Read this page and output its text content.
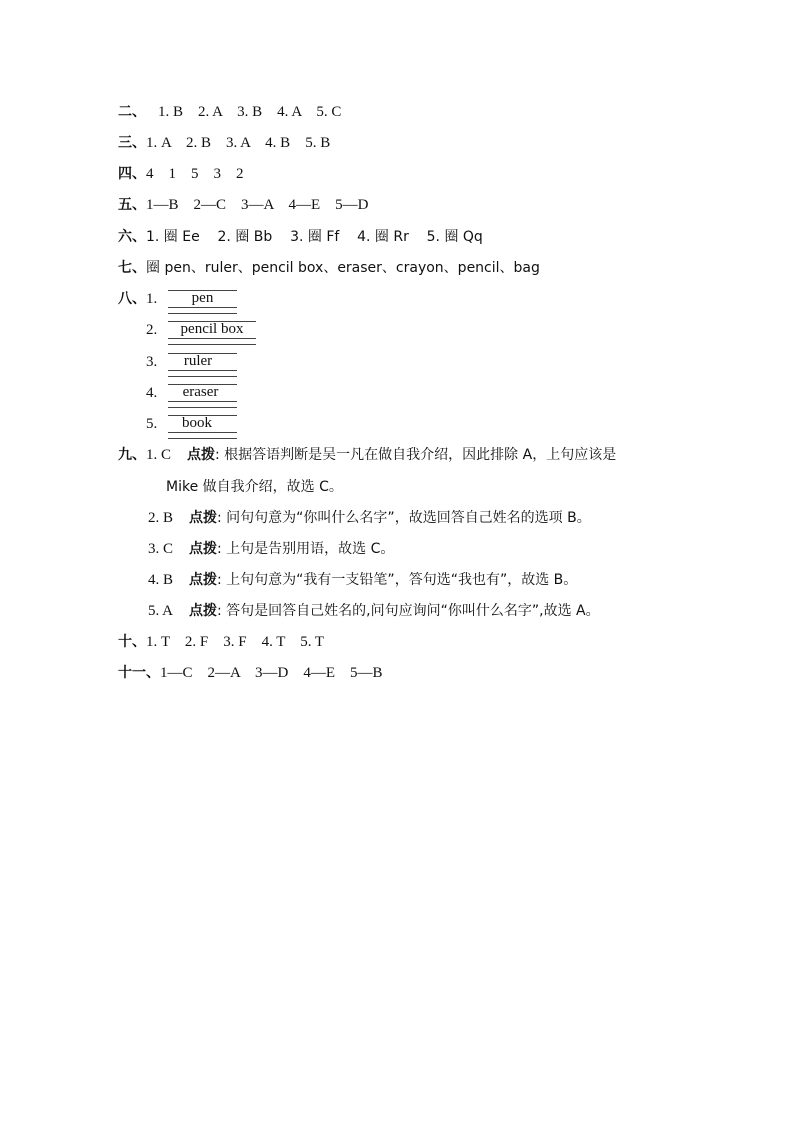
二、 1. B    2. A    3. B    4. A    5. C
三、1. A    2. B    3. A    4. B    5. B
四、4    1    5    3    2
五、1—B    2—C    3—A    4—E    5—D
六、1. 圈 Ee    2. 圈 Bb    3. 圈 Ff    4. 圈 Rr    5. 圈 Qq
七、圈 pen、ruler、pencil box、eraser、crayon、pencil、bag
八、 1.	pen
2.	pencil box
3.	ruler
4.	eraser
5.	book
九、1. C 点拨: 根据答语判断是吴一凡在做自我介绍，因此排除 A，上句应该是
Mike 做自我介绍，故选 C。
2. B 点拨: 问句句意为“你叫什么名字”，故选回答自己姓名的选项 B。
3. C 点拨: 上句是告别用语，故选 C。
4. B 点拨: 上句句意为“我有一支铅笔”，答句选“我也有”，故选 B。
5. A 点拨: 答句是回答自己姓名的,问句应询问“你叫什么名字”,故选 A。
十、1. T    2. F    3. F    4. T    5. T
十一、1—C    2—A    3—D    4—E    5—B
